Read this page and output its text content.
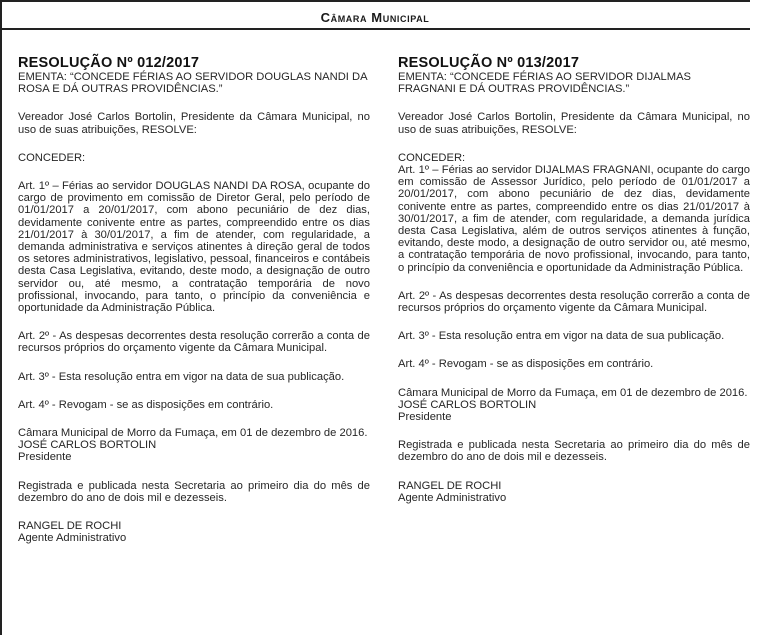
Câmara Municipal
RESOLUÇÃO Nº 012/2017

EMENTA: “CONCEDE FÉRIAS AO SERVIDOR DOUGLAS NANDI DA ROSA E DÁ OUTRAS PROVIDÊNCIAS.”

Vereador José Carlos Bortolin, Presidente da Câmara Municipal, no uso de suas atribuições, RESOLVE:

CONCEDER:

Art. 1º – Férias ao servidor DOUGLAS NANDI DA ROSA, ocupante do cargo de provimento em comissão de Diretor Geral, pelo período de 01/01/2017 a 20/01/2017, com abono pecuniário de dez dias, devidamente conivente entre as partes, compreendido entre os dias 21/01/2017 à 30/01/2017, a fim de atender, com regularidade, a demanda administrativa e serviços atinentes à direção geral de todos os setores administrativos, legislativo, pessoal, financeiros e contábeis desta Casa Legislativa, evitando, deste modo, a designação de outro servidor ou, até mesmo, a contratação temporária de novo profissional, invocando, para tanto, o princípio da conveniência e oportunidade da Administração Pública.

Art. 2º - As despesas decorrentes desta resolução correrão a conta de recursos próprios do orçamento vigente da Câmara Municipal.

Art. 3º - Esta resolução entra em vigor na data de sua publicação.

Art. 4º - Revogam - se as disposições em contrário.

Câmara Municipal de Morro da Fumaça, em 01 de dezembro de 2016.

JOSÉ CARLOS BORTOLIN

Presidente

Registrada e publicada nesta Secretaria ao primeiro dia do mês de dezembro do ano de dois mil e dezesseis.

RANGEL DE ROCHI

Agente Administrativo

RESOLUÇÃO Nº 013/2017

EMENTA: “CONCEDE FÉRIAS AO SERVIDOR DIJALMAS FRAGNANI E DÁ OUTRAS PROVIDÊNCIAS.”

Vereador José Carlos Bortolin, Presidente da Câmara Municipal, no uso de suas atribuições, RESOLVE:

CONCEDER:

Art. 1º – Férias ao servidor DIJALMAS FRAGNANI, ocupante do cargo em comissão de Assessor Jurídico, pelo período de 01/01/2017 a 20/01/2017, com abono pecuniário de dez dias, devidamente conivente entre as partes, compreendido entre os dias 21/01/2017 à 30/01/2017, a fim de atender, com regularidade, a demanda jurídica desta Casa Legislativa, além de outros serviços atinentes à função, evitando, deste modo, a designação de outro servidor ou, até mesmo, a contratação temporária de novo profissional, invocando, para tanto, o princípio da conveniência e oportunidade da Administração Pública.

Art. 2º - As despesas decorrentes desta resolução correrão a conta de recursos próprios do orçamento vigente da Câmara Municipal.

Art. 3º - Esta resolução entra em vigor na data de sua publicação.

Art. 4º - Revogam - se as disposições em contrário.

Câmara Municipal de Morro da Fumaça, em 01 de dezembro de 2016.

JOSÉ CARLOS BORTOLIN

Presidente

Registrada e publicada nesta Secretaria ao primeiro dia do mês de dezembro do ano de dois mil e dezesseis.

RANGEL DE ROCHI

Agente Administrativo
